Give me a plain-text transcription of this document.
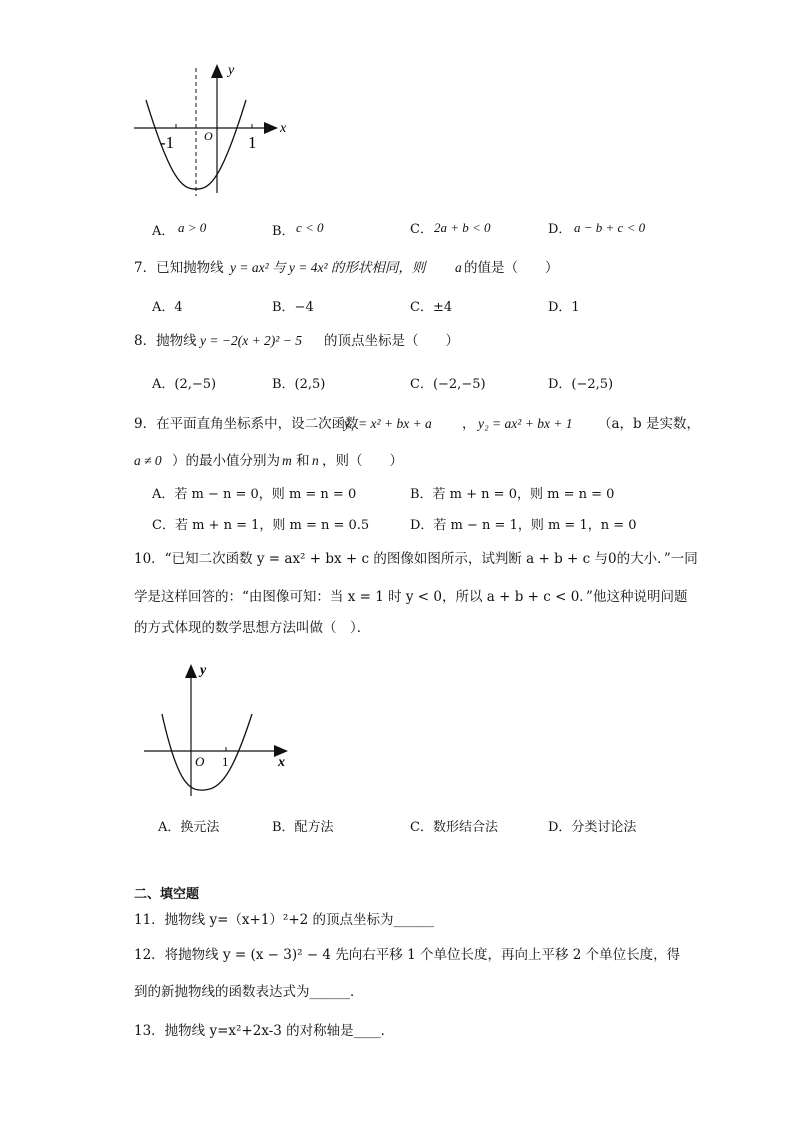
y
x
O
-1	1
A． a > 0	B． c < 0	C． 2a + b < 0	D． a − b + c < 0
7．已知抛物线 y = ax² 与 y = 4x² 的形状相同，则 a 的值是（　　）
A．4	B．−4	C．±4	D．1
8．抛物线 y = −2(x + 2)² − 5 的顶点坐标是（　　）
A．(2,−5)	B．(2,5)	C．(−2,−5)	D．(−2,5)
9．在平面直角坐标系中，设二次函数
y₁ = x² + bx + a ， y₂ = ax² + bx + 1 （a，b 是实数，
a ≠ 0 ）的最小值分别为 m 和 n ，则（　　）
A．若 m − n = 0，则 m = n = 0	B．若 m + n = 0，则 m = n = 0
C．若 m + n = 1，则 m = n = 0.5	D．若 m − n = 1，则 m = 1，n = 0
10．“已知二次函数 y = ax² + bx + c 的图像如图所示，试判断 a + b + c 与0的大小．”一同
学是这样回答的：“由图像可知：当 x = 1 时 y < 0，所以 a + b + c < 0．”他这种说明问题
的方式体现的数学思想方法叫做（　）．
y
x
O 1
A．换元法	B．配方法	C．数形结合法	D．分类讨论法
二、填空题
11．抛物线 y=（x+1）²+2 的顶点坐标为______
12．将抛物线 y = (x − 3)² − 4 先向右平移 1 个单位长度，再向上平移 2 个单位长度，得
到的新抛物线的函数表达式为______．
13．抛物线 y=x²+2x-3 的对称轴是____．
